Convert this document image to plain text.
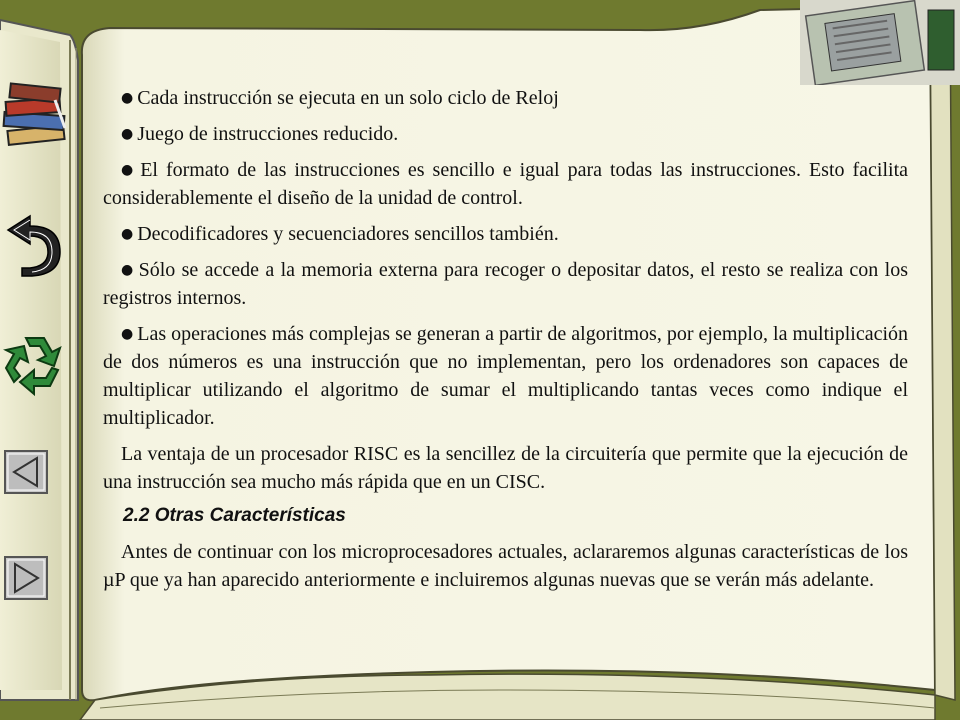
● Cada instrucción se ejecuta en un solo ciclo de Reloj

● Juego de instrucciones reducido.

● El formato de las instrucciones es sencillo e igual para todas las instrucciones. Esto facilita considerablemente el diseño de la unidad de control.

● Decodificadores y secuenciadores sencillos también.

● Sólo se accede a la memoria externa para recoger o depositar datos, el resto se realiza con los registros internos.

● Las operaciones más complejas se generan a partir de algoritmos, por ejemplo, la multiplicación de dos números es una instrucción que no implementan, pero los ordenadores son capaces de multiplicar utilizando el algoritmo de sumar el multiplicando tantas veces como indique el multiplicador.

La ventaja de un procesador RISC es la sencillez de la circuitería que permite que la ejecución de una instrucción sea mucho más rápida que en un CISC.

2.2 Otras Características

Antes de continuar con los microprocesadores actuales, aclararemos algunas características de los µP que ya han aparecido anteriormente e incluiremos algunas nuevas que se verán más adelante.
